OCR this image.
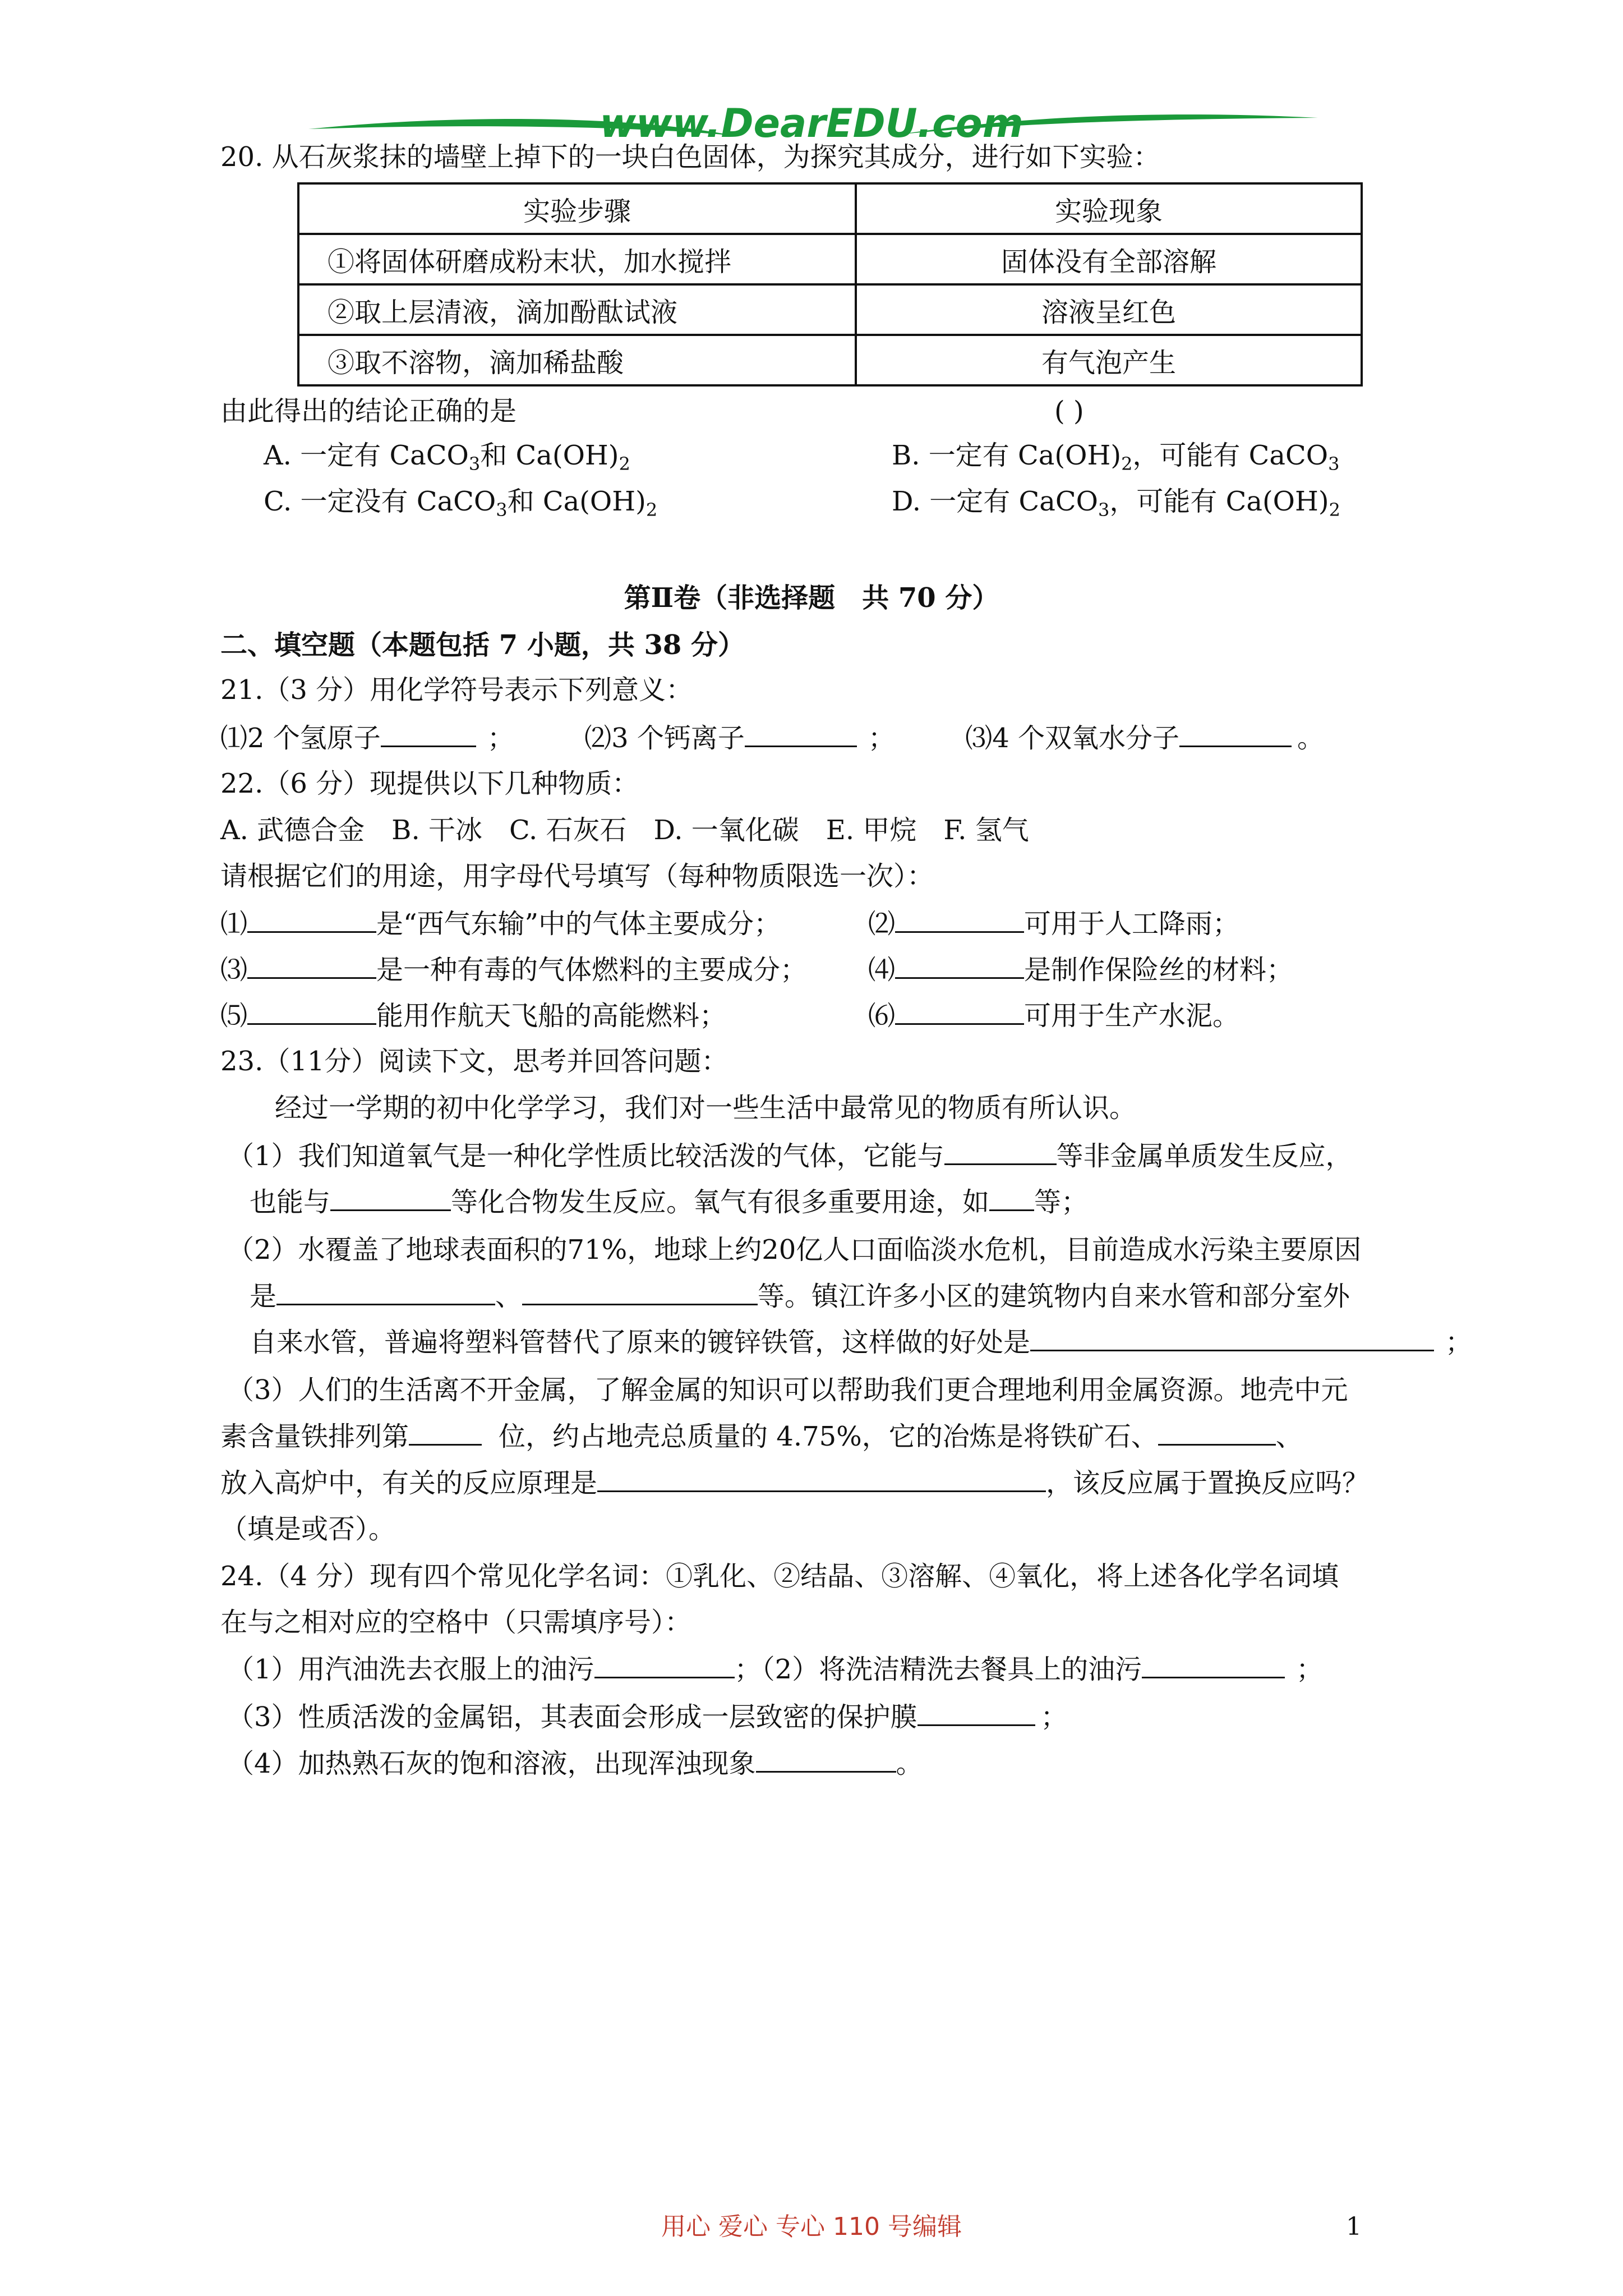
www.DearEDU.com
20. 从石灰浆抹的墙壁上掉下的一块白色固体，为探究其成分，进行如下实验：
实验步骤	实验现象
①将固体研磨成粉末状，加水搅拌	固体没有全部溶解
②取上层清液，滴加酚酞试液	溶液呈红色
③取不溶物，滴加稀盐酸	有气泡产生
由此得出的结论正确的是	( )
A. 一定有 CaCO$_3$和 $Ca(OH)_2$	B. 一定有 $Ca(OH)_2$，可能有 CaCO$_3$
C. 一定没有 CaCO$_3$和 $Ca(OH)_2$	D. 一定有 CaCO$_3$，可能有 $Ca(OH)_2$
第Ⅱ卷（非选择题　共 70 分）
二、填空题（本题包括 7 小题，共 38 分）
21.（3 分）用化学符号表示下列意义：
⑴2 个氢原子	；	⑵3 个钙离子	；	⑶4 个双氧水分子	。
22.（6 分）现提供以下几种物质：
A. 武德合金　B. 干冰　C. 石灰石　D. 一氧化碳　E. 甲烷　F. 氢气
请根据它们的用途，用字母代号填写（每种物质限选一次）：
⑴	是“西气东输”中的气体主要成分；	⑵	可用于人工降雨；
⑶	是一种有毒的气体燃料的主要成分； ⑷	是制作保险丝的材料；
⑸	能用作航天飞船的高能燃料；	⑹	可用于生产水泥。
23.（11分）阅读下文，思考并回答问题：
经过一学期的初中化学学习，我们对一些生活中最常见的物质有所认识。
（1）我们知道氧气是一种化学性质比较活泼的气体，它能与	等非金属单质发生反应，
也能与	等化合物发生反应。氧气有很多重要用途，如 等；
（2）水覆盖了地球表面积的71%，地球上约20亿人口面临淡水危机，目前造成水污染主要原因
是	、	等。镇江许多小区的建筑物内自来水管和部分室外
自来水管，普遍将塑料管替代了原来的镀锌铁管，这样做的好处是	；
（3）人们的生活离不开金属，了解金属的知识可以帮助我们更合理地利用金属资源。地壳中元
素含量铁排列第	位，约占地壳总质量的 4.75%，它的冶炼是将铁矿石、	、
放入高炉中，有关的反应原理是	，该反应属于置换反应吗？
（填是或否）。
24.（4 分）现有四个常见化学名词：①乳化、②结晶、③溶解、④氧化，将上述各化学名词填
在与之相对应的空格中（只需填序号）：
（1）用汽油洗去衣服上的油污	；（2）将洗洁精洗去餐具上的油污	；
（3）性质活泼的金属铝，其表面会形成一层致密的保护膜	；
（4）加热熟石灰的饱和溶液，出现浑浊现象	。
用心 爱心 专心 110 号编辑	1
